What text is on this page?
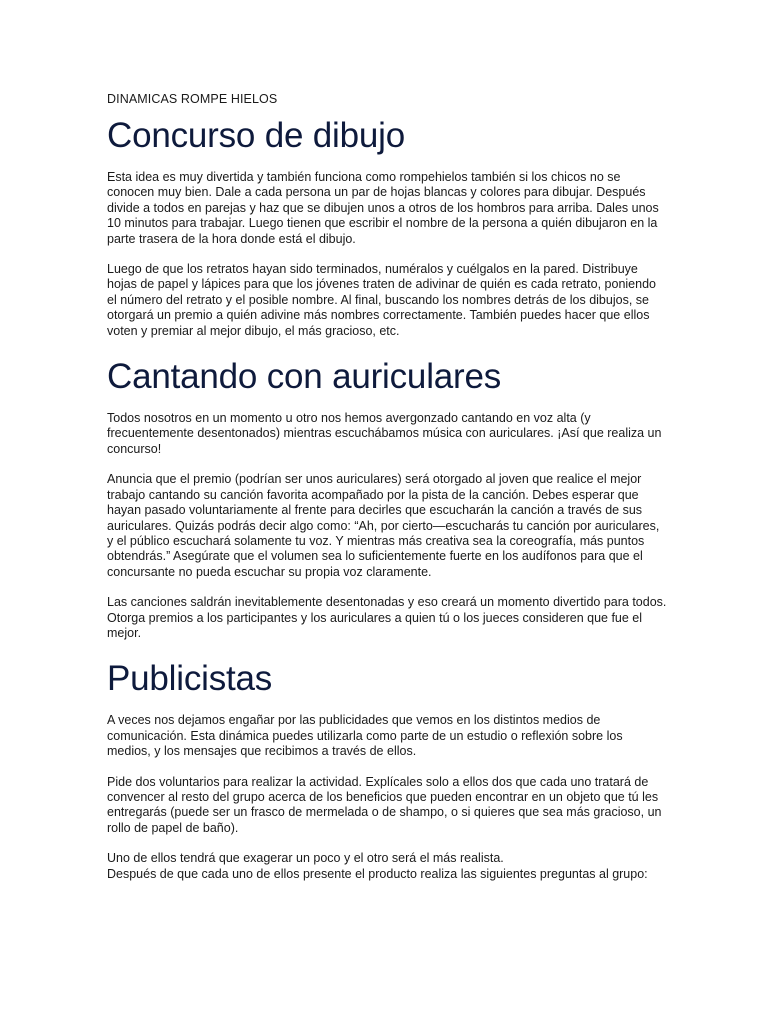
DINAMICAS ROMPE HIELOS
Concurso de dibujo

Esta idea es muy divertida y también funciona como rompehielos también si los chicos no se conocen muy bien. Dale a cada persona un par de hojas blancas y colores para dibujar. Después divide a todos en parejas y haz que se dibujen unos a otros de los hombros para arriba. Dales unos 10 minutos para trabajar. Luego tienen que escribir el nombre de la persona a quién dibujaron en la parte trasera de la hora donde está el dibujo.

Luego de que los retratos hayan sido terminados, numéralos y cuélgalos en la pared. Distribuye hojas de papel y lápices para que los jóvenes traten de adivinar de quién es cada retrato, poniendo el número del retrato y el posible nombre. Al final, buscando los nombres detrás de los dibujos, se otorgará un premio a quién adivine más nombres correctamente. También puedes hacer que ellos voten y premiar al mejor dibujo, el más gracioso, etc.

Cantando con auriculares

Todos nosotros en un momento u otro nos hemos avergonzado cantando en voz alta (y frecuentemente desentonados) mientras escuchábamos música con auriculares. ¡Así que realiza un concurso!

Anuncia que el premio (podrían ser unos auriculares) será otorgado al joven que realice el mejor trabajo cantando su canción favorita acompañado por la pista de la canción. Debes esperar que hayan pasado voluntariamente al frente para decirles que escucharán la canción a través de sus auriculares. Quizás podrás decir algo como: “Ah, por cierto—escucharás tu canción por auriculares, y el público escuchará solamente tu voz. Y mientras más creativa sea la coreografía, más puntos obtendrás.” Asegúrate que el volumen sea lo suficientemente fuerte en los audífonos para que el concursante no pueda escuchar su propia voz claramente.

Las canciones saldrán inevitablemente desentonadas y eso creará un momento divertido para todos. Otorga premios a los participantes y los auriculares a quien tú o los jueces consideren que fue el mejor.

Publicistas

A veces nos dejamos engañar por las publicidades que vemos en los distintos medios de comunicación. Esta dinámica puedes utilizarla como parte de un estudio o reflexión sobre los medios, y los mensajes que recibimos a través de ellos.

Pide dos voluntarios para realizar la actividad. Explícales solo a ellos dos que cada uno tratará de convencer al resto del grupo acerca de los beneficios que pueden encontrar en un objeto que tú les entregarás (puede ser un frasco de mermelada o de shampo, o si quieres que sea más gracioso, un rollo de papel de baño).

Uno de ellos tendrá que exagerar un poco y el otro será el más realista.

Después de que cada uno de ellos presente el producto realiza las siguientes preguntas al grupo:
